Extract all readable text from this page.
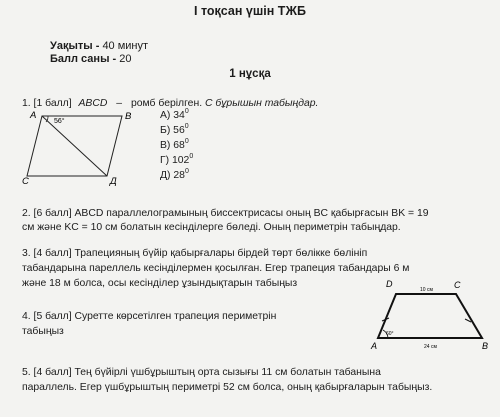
I тоқсан үшін ТЖБ
Уақыты - 40 минут
Балл саны - 20
1 нұсқа
1. [1 балл] ABCD – ромб берілген. C бұрышын табыңдар.
A	B
C	Д
56°
А) $34^0$
Б) $56^0$
В) $68^0$
Г) $102^0$
Д) $28^0$
2. [6 балл] ABCD параллелограмының биссектрисасы оның BC қабырғасын BK = 19
см және KC = 10 см болатын кесінділерге бөледі. Оның периметрін табыңдар.
3. [4 балл] Трапецияның бүйір қабырғалары бірдей төрт бөлікке бөлініп
табандарына пареллель кесінділермен қосылған. Егер трапеция табандары 6 м
және 18 м болса, осы кесінділер ұзындықтарын табыңыз
4. [5 балл] Суретте көрсетілген трапеция периметрін
табыңыз
D	C
A	B
10 см
24 см
60°
5. [4 балл] Тең бүйірлі үшбұрыштың орта сызығы 11 см болатын табанына
параллель. Егер үшбұрыштың периметрі 52 см болса, оның қабырғаларын табыңыз.
